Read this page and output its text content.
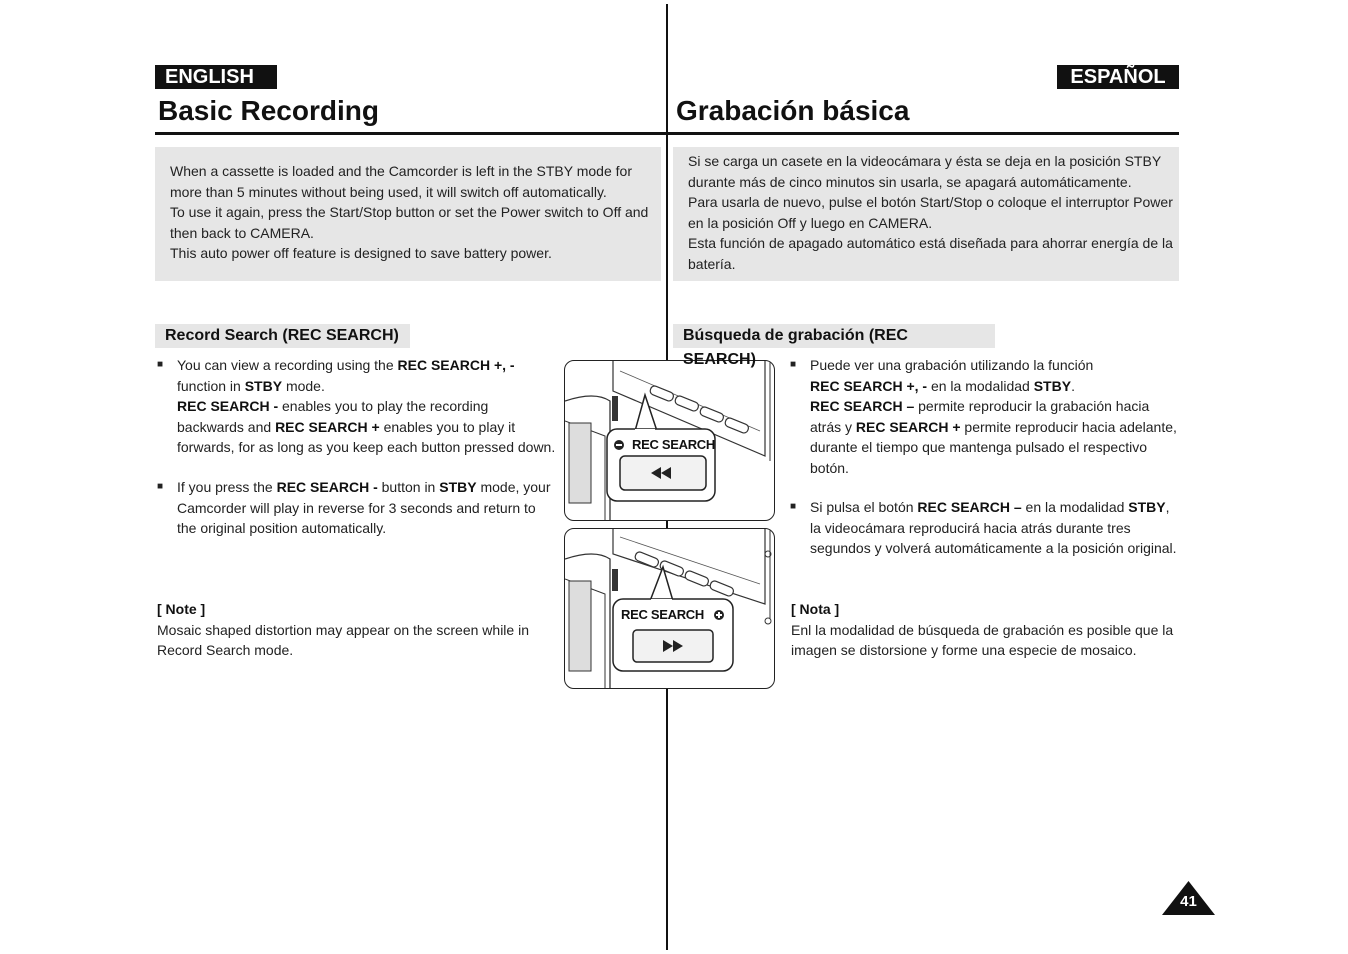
ENGLISH
Basic Recording

When a cassette is loaded and the Camcorder is left in the STBY mode for more than 5 minutes without being used, it will switch off automatically.

To use it again, press the Start/Stop button or set the Power switch to Off and then back to CAMERA.

This auto power off feature is designed to save battery power.

Record Search (REC SEARCH)
■ You can view a recording using the REC SEARCH +, - function in STBY mode.

REC SEARCH - enables you to play the recording backwards and REC SEARCH + enables you to play it forwards, for as long as you keep each button pressed down.

■ If you press the REC SEARCH - button in STBY mode, your Camcorder will play in reverse for 3 seconds and return to the original position automatically.

[ Note ]

Mosaic shaped distortion may appear on the screen while in Record Search mode.

REC SEARCH
REC SEARCH
ESPAÑOL
Grabación básica

Si se carga un casete en la videocámara y ésta se deja en la posición STBY durante más de cinco minutos sin usarla, se apagará automáticamente.

Para usarla de nuevo, pulse el botón Start/Stop o coloque el interruptor Power en la posición Off y luego en CAMERA.

Esta función de apagado automático está diseñada para ahorrar energía de la batería.

Búsqueda de grabación (REC SEARCH)	■ Puede ver una grabación utilizando la función

REC SEARCH +, - en la modalidad STBY.

REC SEARCH – permite reproducir la grabación hacia atrás y REC SEARCH + permite reproducir hacia adelante, durante el tiempo que mantenga pulsado el respectivo botón.

■ Si pulsa el botón REC SEARCH – en la modalidad STBY,

la videocámara reproducirá hacia atrás durante tres segundos y volverá automáticamente a la posición original.

[ Nota ]

Enl la modalidad de búsqueda de grabación es posible que la imagen se distorsione y forme una especie de mosaico.

41
